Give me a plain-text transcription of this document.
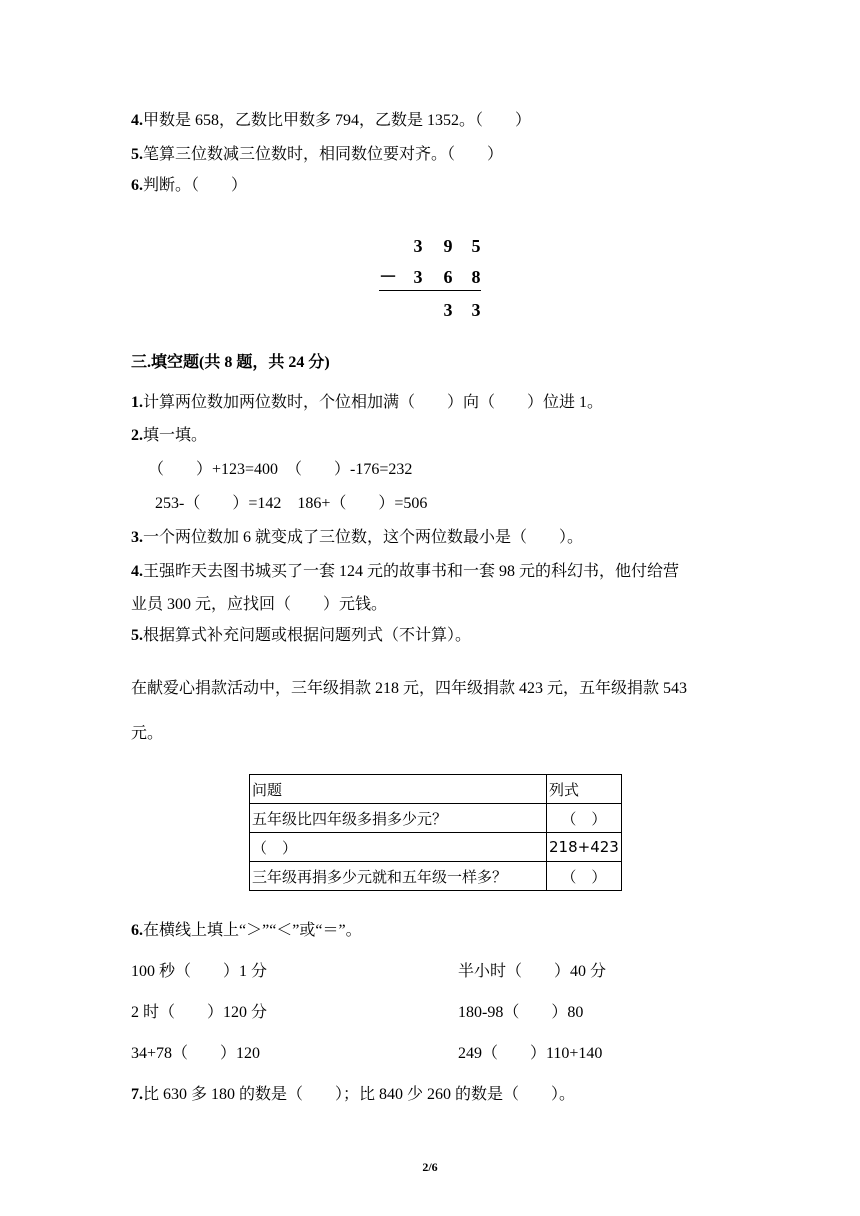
4.甲数是 658，乙数比甲数多 794，乙数是 1352。（　　）
5.笔算三位数减三位数时，相同数位要对齐。（　　）
6.判断。（　　）
3 9 5
－ 3 6 8
3 3
三.填空题(共 8 题，共 24 分)
1.计算两位数加两位数时，个位相加满（　　）向（　　）位进 1。
2.填一填。
（　　）+123=400　（　　）-176=232
253-（　　）=142　186+（　　）=506
3.一个两位数加 6 就变成了三位数，这个两位数最小是（　　）。
4.王强昨天去图书城买了一套 124 元的故事书和一套 98 元的科幻书，他付给营
业员 300 元，应找回（　　）元钱。
5.根据算式补充问题或根据问题列式（不计算）。
在献爱心捐款活动中，三年级捐款 218 元，四年级捐款 423 元，五年级捐款 543
元。
问题	列式
五年级比四年级多捐多少元？	（　）
（　）	218+423
三年级再捐多少元就和五年级一样多？	（　）
6.在横线上填上“＞”“＜”或“＝”。
100 秒（　　）1 分	半小时（　　）40 分
2 时（　　）120 分	180-98（　　）80
34+78（　　）120	249（　　）110+140
7.比 630 多 180 的数是（　　）；比 840 少 260 的数是（　　）。
2/6
